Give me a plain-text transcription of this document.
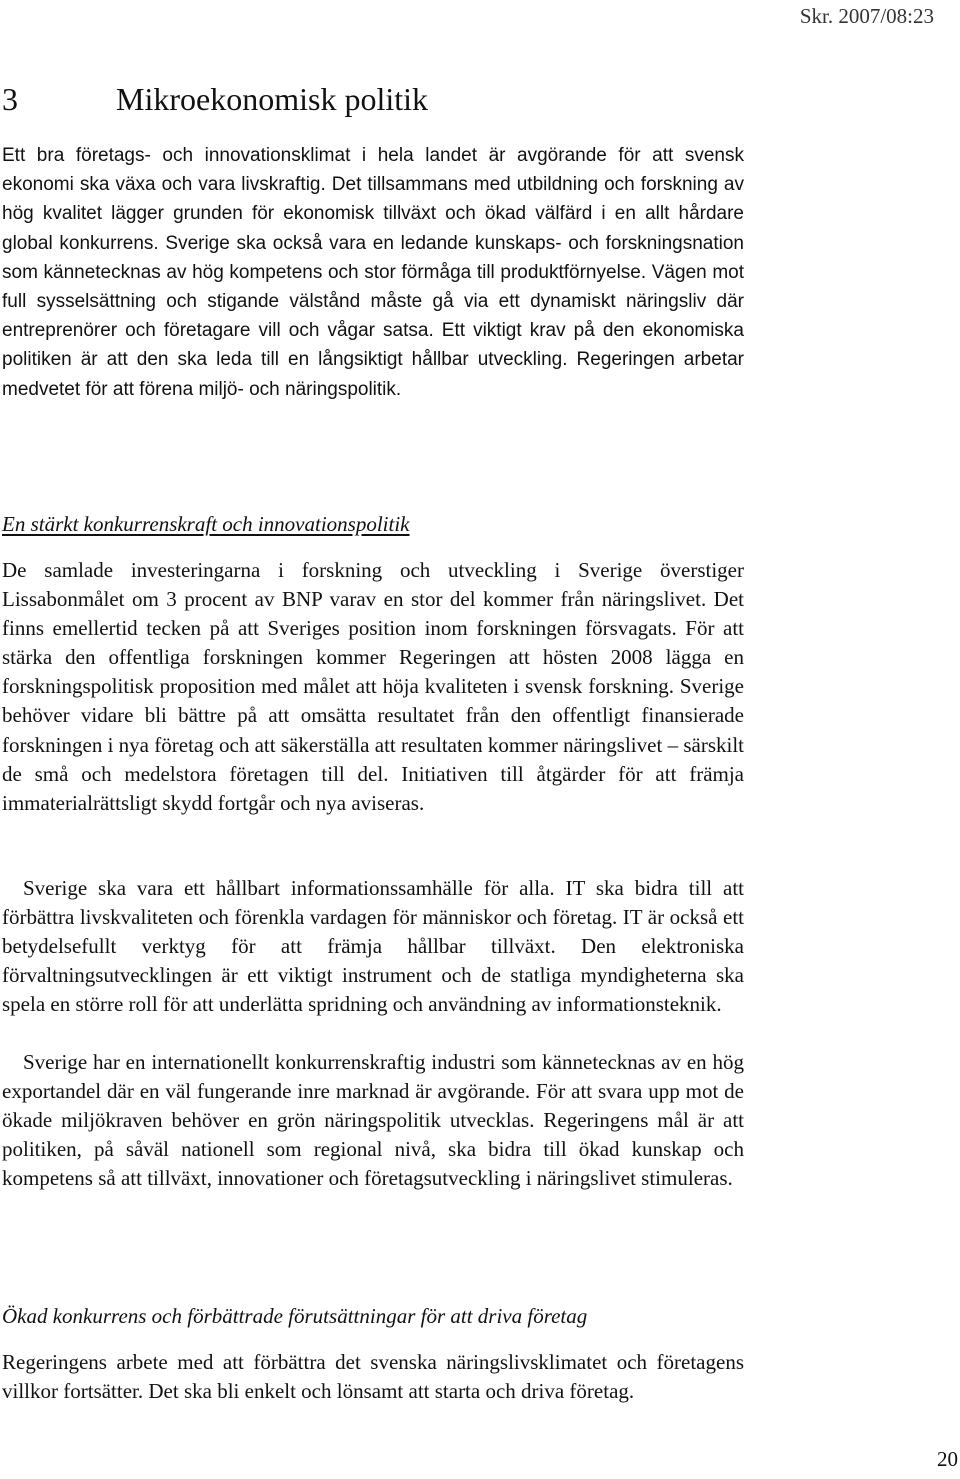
Skr. 2007/08:23
3	Mikroekonomisk politik

Ett bra företags- och innovationsklimat i hela landet är avgörande för att svensk ekonomi ska växa och vara livskraftig. Det tillsammans med utbildning och forskning av hög kvalitet lägger grunden för ekonomisk tillväxt och ökad välfärd i en allt hårdare global konkurrens. Sverige ska också vara en ledande kunskaps- och forskningsnation som kännetecknas av hög kompetens och stor förmåga till produktförnyelse. Vägen mot full sysselsättning och stigande välstånd måste gå via ett dynamiskt näringsliv där entreprenörer och företagare vill och vågar satsa. Ett viktigt krav på den ekonomiska politiken är att den ska leda till en långsiktigt hållbar utveckling. Regeringen arbetar medvetet för att förena miljö- och näringspolitik.

En stärkt konkurrenskraft och innovationspolitik

De samlade investeringarna i forskning och utveckling i Sverige överstiger Lissabonmålet om 3 procent av BNP varav en stor del kommer från näringslivet. Det finns emellertid tecken på att Sveriges position inom forskningen försvagats. För att stärka den offentliga forskningen kommer Regeringen att hösten 2008 lägga en forskningspolitisk proposition med målet att höja kvaliteten i svensk forskning. Sverige behöver vidare bli bättre på att omsätta resultatet från den offentligt finansierade forskningen i nya företag och att säkerställa att resultaten kommer näringslivet – särskilt de små och medelstora företagen till del. Initiativen till åtgärder för att främja immaterialrättsligt skydd fortgår och nya aviseras.

Sverige ska vara ett hållbart informationssamhälle för alla. IT ska bidra till att förbättra livskvaliteten och förenkla vardagen för människor och företag. IT är också ett betydelsefullt verktyg för att främja hållbar tillväxt. Den elektroniska förvaltningsutvecklingen är ett viktigt instrument och de statliga myndigheterna ska spela en större roll för att underlätta spridning och användning av informationsteknik.

Sverige har en internationellt konkurrenskraftig industri som kännetecknas av en hög exportandel där en väl fungerande inre marknad är avgörande. För att svara upp mot de ökade miljökraven behöver en grön näringspolitik utvecklas. Regeringens mål är att politiken, på såväl nationell som regional nivå, ska bidra till ökad kunskap och kompetens så att tillväxt, innovationer och företagsutveckling i näringslivet stimuleras.

Ökad konkurrens och förbättrade förutsättningar för att driva företag

Regeringens arbete med att förbättra det svenska näringslivsklimatet och företagens villkor fortsätter. Det ska bli enkelt och lönsamt att starta och driva företag.

20
